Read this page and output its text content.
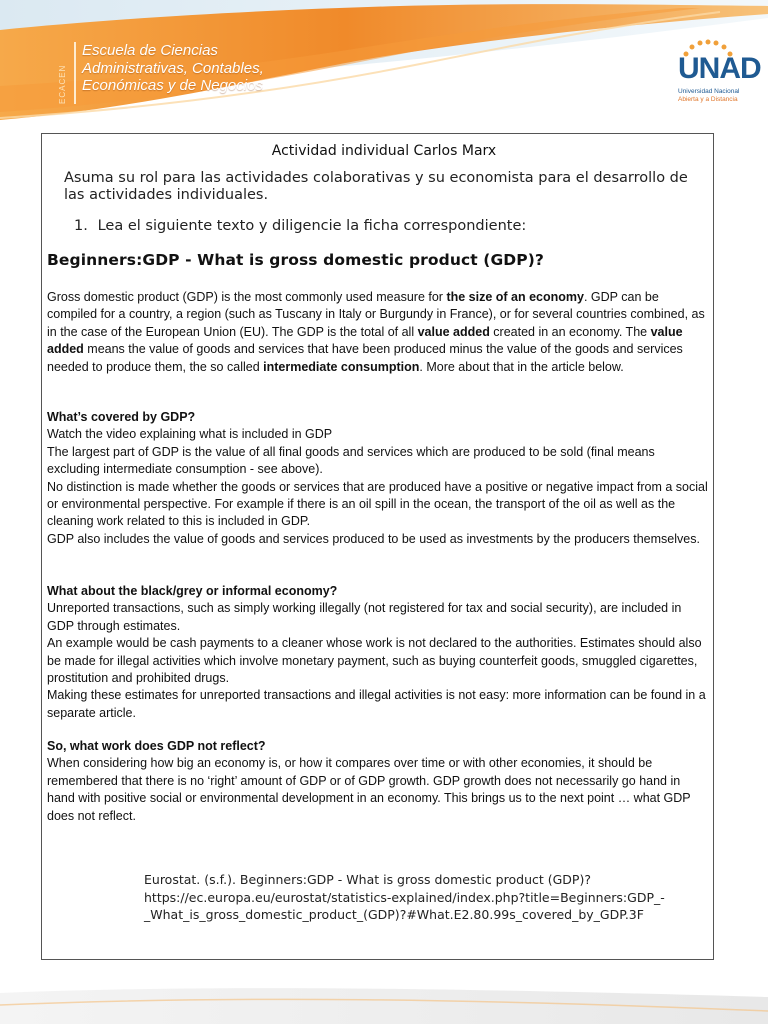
ECACEN
Escuela de Ciencias
Administrativas, Contables,
Económicas y de Negocios
UNAD
Universidad Nacional
Abierta y a Distancia
Actividad individual Carlos Marx
Asuma su rol para las actividades colaborativas y su economista para el desarrollo de las actividades individuales.
1. Lea el siguiente texto y diligencie la ficha correspondiente:
Beginners:GDP - What is gross domestic product (GDP)?

Gross domestic product (GDP) is the most commonly used measure for the size of an economy. GDP can be compiled for a country, a region (such as Tuscany in Italy or Burgundy in France), or for several countries combined, as in the case of the European Union (EU). The GDP is the total of all value added created in an economy. The value added means the value of goods and services that have been produced minus the value of the goods and services needed to produce them, the so called intermediate consumption. More about that in the article below.

What’s covered by GDP?

Watch the video explaining what is included in GDP

The largest part of GDP is the value of all final goods and services which are produced to be sold (final means excluding intermediate consumption - see above).

No distinction is made whether the goods or services that are produced have a positive or negative impact from a social or environmental perspective. For example if there is an oil spill in the ocean, the transport of the oil as well as the cleaning work related to this is included in GDP.

GDP also includes the value of goods and services produced to be used as investments by the producers themselves.

What about the black/grey or informal economy?

Unreported transactions, such as simply working illegally (not registered for tax and social security), are included in GDP through estimates.

An example would be cash payments to a cleaner whose work is not declared to the authorities. Estimates should also be made for illegal activities which involve monetary payment, such as buying counterfeit goods, smuggled cigarettes, prostitution and prohibited drugs.

Making these estimates for unreported transactions and illegal activities is not easy: more information can be found in a separate article.

So, what work does GDP not reflect?

When considering how big an economy is, or how it compares over time or with other economies, it should be remembered that there is no ‘right’ amount of GDP or of GDP growth. GDP growth does not necessarily go hand in hand with positive social or environmental development in an economy. This brings us to the next point … what GDP does not reflect.

Eurostat. (s.f.). Beginners:GDP - What is gross domestic product (GDP)?

https://ec.europa.eu/eurostat/statistics-explained/index.php?title=Beginners:GDP_-

_What_is_gross_domestic_product_(GDP)?#What.E2.80.99s_covered_by_GDP.3F
